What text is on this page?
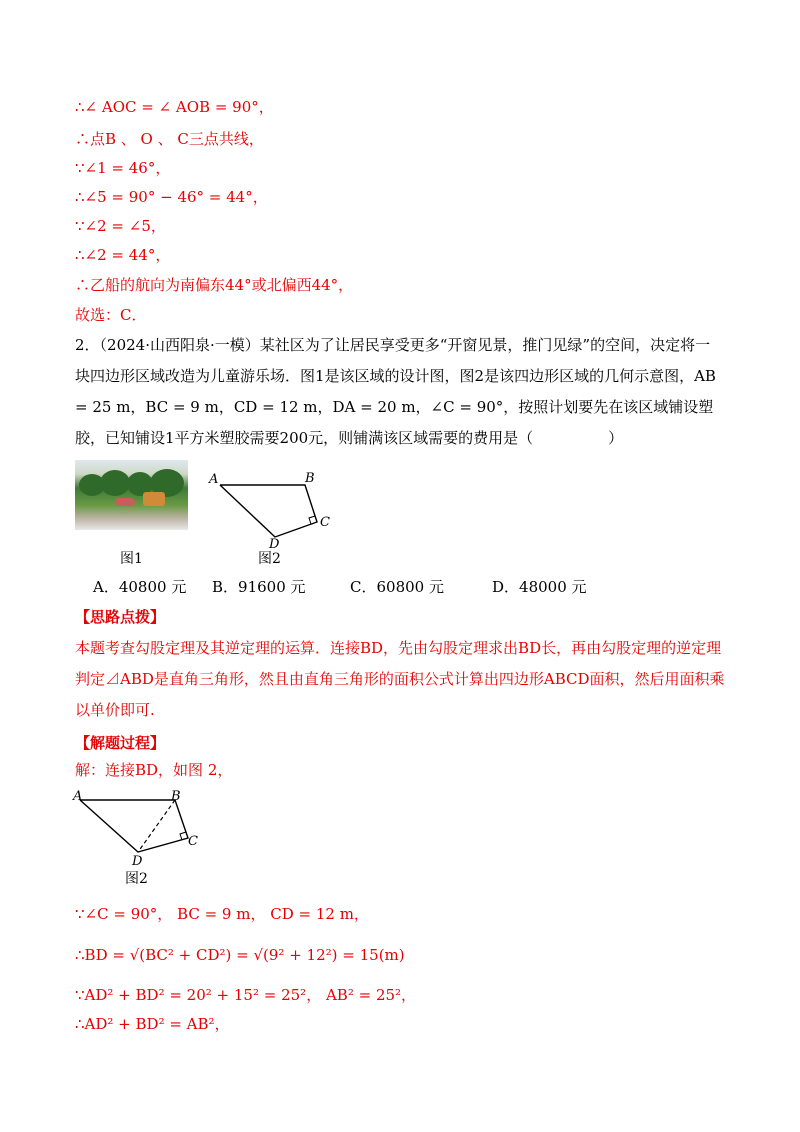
∴∠ AOC = ∠ AOB = 90°，
∴点B 、 O 、 C三点共线，
∵∠1 = 46°，
∴∠5 = 90° − 46° = 44°，
∵∠2 = ∠5，
∴∠2 = 44°，
∴乙船的航向为南偏东44°或北偏西44°，
故选：C．
2．（2024·山西阳泉·一模）某社区为了让居民享受更多“开窗见景，推门见绿”的空间，决定将一块四边形区域改造为儿童游乐场．图1是该区域的设计图，图2是该四边形区域的几何示意图，AB = 25 m，BC = 9 m，CD = 12 m，DA = 20 m，∠C = 90°，按照计划要先在该区域铺设塑胶，已知铺设1平方米塑胶需要200元，则铺满该区域需要的费用是（　　　　　）
图1
A	B
C
D
图2
A．40800 元 B．91600 元	C．60800 元	D．48000 元
【思路点拨】
本题考查勾股定理及其逆定理的运算．连接BD，先由勾股定理求出BD长，再由勾股定理的逆定理判定⊿ABD是直角三角形，然且由直角三角形的面积公式计算出四边形ABCD面积，然后用面积乘以单价即可.
【解题过程】
解：连接BD，如图 2，
A	B
C
D
图2
∵∠C = 90°， BC = 9 m， CD = 12 m，
∴BD = √(BC² + CD²) = √(9² + 12²) = 15(m)
∵AD² + BD² = 20² + 15² = 25²， AB² = 25²，
∴AD² + BD² = AB²，
